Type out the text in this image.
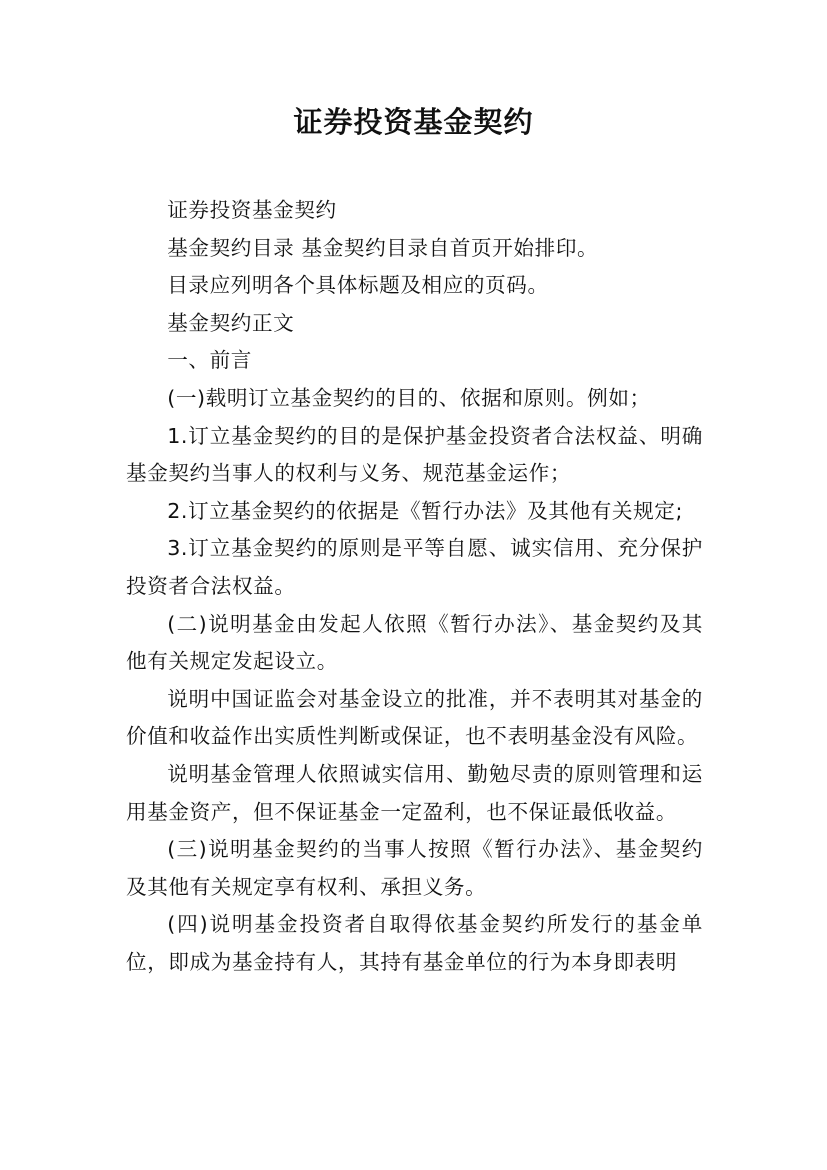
证券投资基金契约

证券投资基金契约

基金契约目录 基金契约目录自首页开始排印。

目录应列明各个具体标题及相应的页码。

基金契约正文

一、前言

(一)载明订立基金契约的目的、依据和原则。例如；

1.订立基金契约的目的是保护基金投资者合法权益、明确基金契约当事人的权利与义务、规范基金运作；

2.订立基金契约的依据是《暂行办法》及其他有关规定;

3.订立基金契约的原则是平等自愿、诚实信用、充分保护投资者合法权益。

(二)说明基金由发起人依照《暂行办法》、基金契约及其他有关规定发起设立。

说明中国证监会对基金设立的批准，并不表明其对基金的价值和收益作出实质性判断或保证，也不表明基金没有风险。

说明基金管理人依照诚实信用、勤勉尽责的原则管理和运用基金资产，但不保证基金一定盈利，也不保证最低收益。

(三)说明基金契约的当事人按照《暂行办法》、基金契约及其他有关规定享有权利、承担义务。

(四)说明基金投资者自取得依基金契约所发行的基金单位，即成为基金持有人，其持有基金单位的行为本身即表明
